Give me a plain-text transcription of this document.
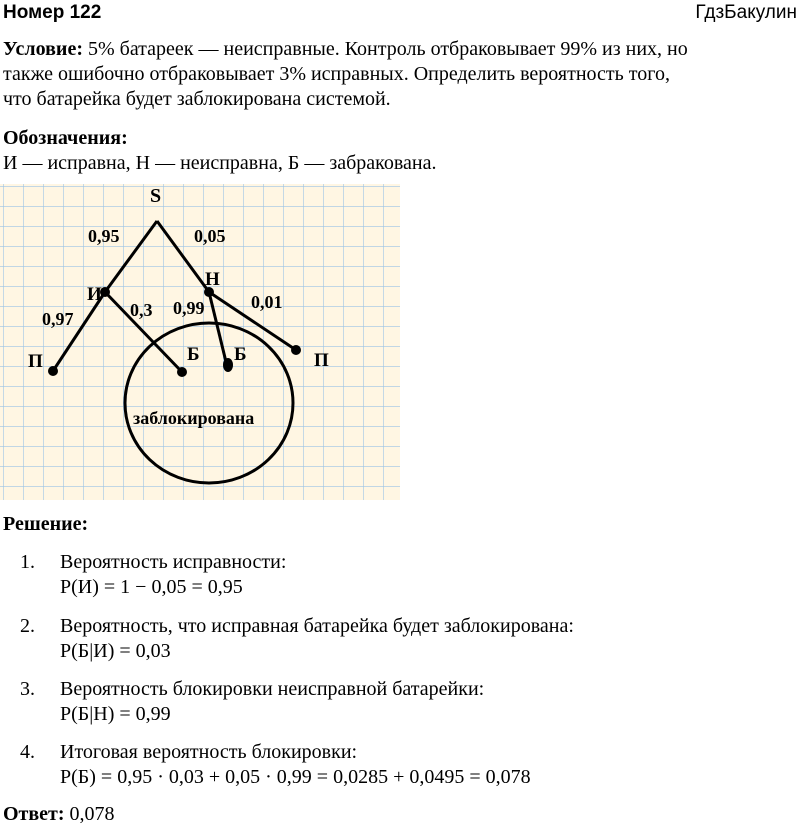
Номер 122	ГдзБакулин
Условие: 5% батареек — неисправные. Контроль отбраковывает 99% из них, но
также ошибочно отбраковывает 3% исправных. Определить вероятность того,
что батарейка будет заблокирована системой.
Обозначения:
И — исправна, Н — неисправна, Б — забракована.
S
0,95	0,05
И
Н
0,97	0,3 0,99	0,01
П	Б Б	П
заблокирована
Решение:
1.	Вероятность исправности:
P(И) = 1 − 0,05 = 0,95
2.	Вероятность, что исправная батарейка будет заблокирована:
P(Б|И) = 0,03
3.	Вероятность блокировки неисправной батарейки:
P(Б|Н) = 0,99
4.	Итоговая вероятность блокировки:
P(Б) = 0,95 · 0,03 + 0,05 · 0,99 = 0,0285 + 0,0495 = 0,078
Ответ: 0,078
